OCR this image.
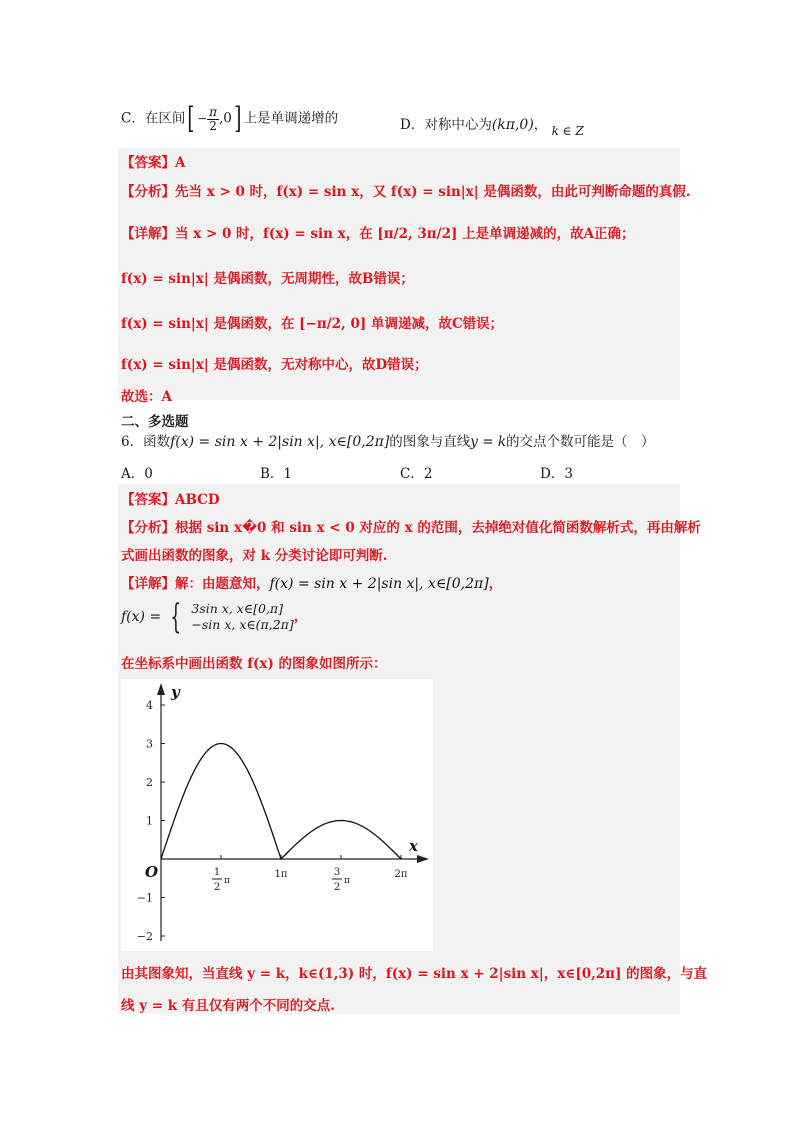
C．在区间[ − $\frac{\pi}{2} ,0$] 上是单调递增的	D．对称中心为(kπ,0)， k ∈ Z
【答案】A
【分析】先当 x > 0 时，f(x) = sin x，又 f(x) = sin|x| 是偶函数，由此可判断命题的真假.
【详解】当 x > 0 时，f(x) = sin x，在 [π/2, 3π/2] 上是单调递减的，故A正确；
f(x) = sin|x| 是偶函数，无周期性，故B错误；
f(x) = sin|x| 是偶函数，在 [−π/2, 0] 单调递减，故C错误；
f(x) = sin|x| 是偶函数，无对称中心，故D错误；
故选：A
二、多选题
6．函数f(x) = sin x + 2|sin x|, x∈[0,2π]的图象与直线y = k的交点个数可能是（　）
A．0	B．1	C．2	D．3
【答案】ABCD
【分析】根据 sin x�0 和 sin x < 0 对应的 x 的范围，去掉绝对值化简函数解析式，再由解析
式画出函数的图象，对 k 分类讨论即可判断.
【详解】解：由题意知，f(x) = sin x + 2|sin x|, x∈[0,2π]，
f(x) = { 3sin x, x∈[0,π]
−sin x, x∈(π,2π] ，
在坐标系中画出函数 f(x) 的图象如图所示：
y
x
O
4
3
2
1
−1
−2
1
2
π
1π	3
2
π
2π
由其图象知，当直线 y = k，k∈(1,3) 时，f(x) = sin x + 2|sin x|，x∈[0,2π] 的图象，与直
线 y = k 有且仅有两个不同的交点.
